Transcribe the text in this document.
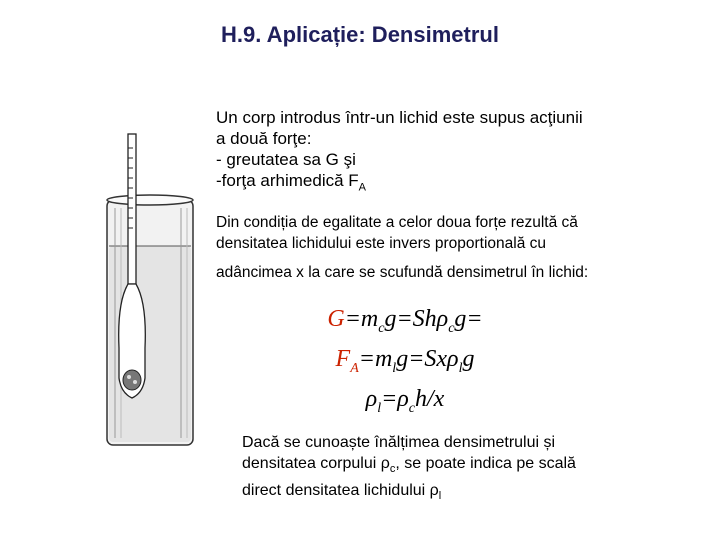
H.9. Aplicație: Densimetrul
Un corp introdus într-un lichid este supus acţiunii
a două forţe:
- greutatea sa G şi
-forţa arhimedică $F_A$
Din condiția de egalitate a celor doua forțe rezultă că
densitatea lichidului este invers proportională cu
adâncimea x la care se scufundă densimetrul în lichid:
$G=m_cg=Sh\rho_cg=$
$F_A=m_lg=Sx\rho_lg$
$\rho_l=\rho_ch/x$
Dacă se cunoaște înălțimea densimetrului și
densitatea corpului $\rho_c$, se poate indica pe scală
direct densitatea lichidului $\rho_l$
